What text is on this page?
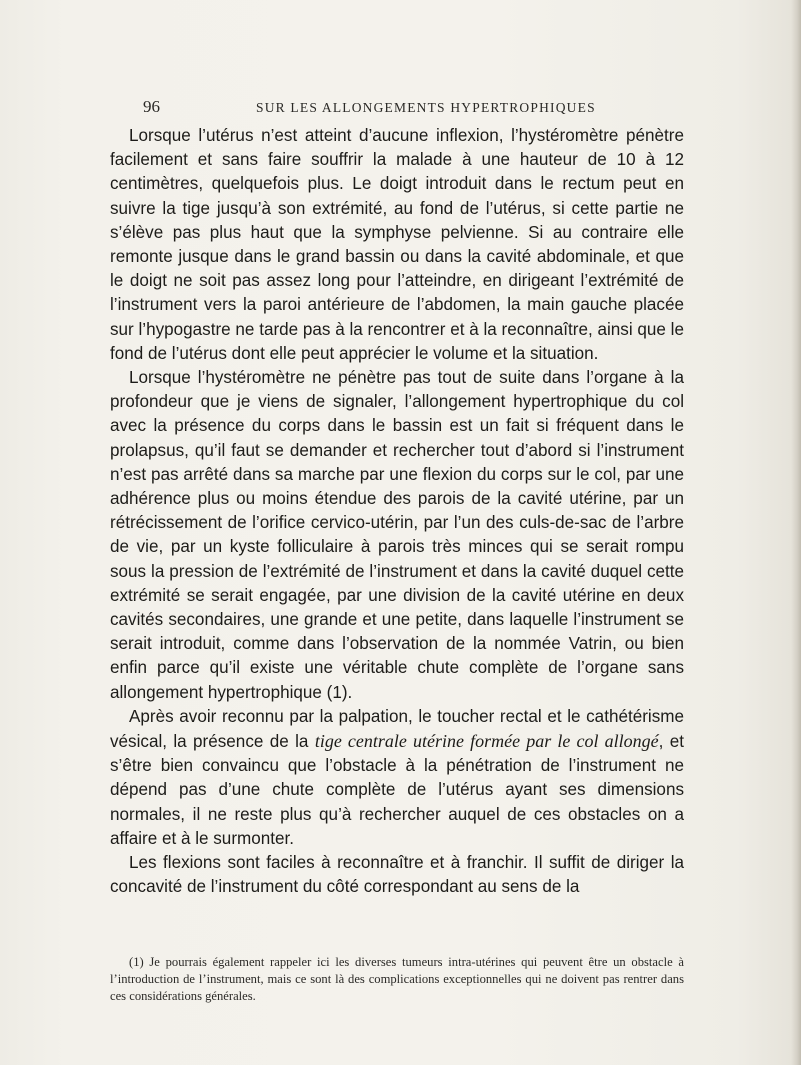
96	SUR LES ALLONGEMENTS HYPERTROPHIQUES

Lorsque l’utérus n’est atteint d’aucune inflexion, l’hystéromètre pénètre facilement et sans faire souffrir la malade à une hauteur de 10 à 12 centimètres, quelquefois plus. Le doigt introduit dans le rectum peut en suivre la tige jusqu’à son extrémité, au fond de l’utérus, si cette partie ne s’élève pas plus haut que la symphyse pelvienne. Si au contraire elle remonte jusque dans le grand bassin ou dans la cavité abdominale, et que le doigt ne soit pas assez long pour l’atteindre, en dirigeant l’extrémité de l’instrument vers la paroi antérieure de l’abdomen, la main gauche placée sur l’hypogastre ne tarde pas à la rencontrer et à la reconnaître, ainsi que le fond de l’utérus dont elle peut apprécier le volume et la situation.

Lorsque l’hystéromètre ne pénètre pas tout de suite dans l’organe à la profondeur que je viens de signaler, l’allongement hypertrophique du col avec la présence du corps dans le bassin est un fait si fréquent dans le prolapsus, qu’il faut se demander et rechercher tout d’abord si l’instrument n’est pas arrêté dans sa marche par une flexion du corps sur le col, par une adhérence plus ou moins étendue des parois de la cavité utérine, par un rétrécissement de l’orifice cervico-utérin, par l’un des culs-de-sac de l’arbre de vie, par un kyste folliculaire à parois très minces qui se serait rompu sous la pression de l’extrémité de l’instrument et dans la cavité duquel cette extrémité se serait engagée, par une division de la cavité utérine en deux cavités secondaires, une grande et une petite, dans laquelle l’instrument se serait introduit, comme dans l’observation de la nommée Vatrin, ou bien enfin parce qu’il existe une véritable chute complète de l’organe sans allongement hypertrophique (1).

Après avoir reconnu par la palpation, le toucher rectal et le cathétérisme vésical, la présence de la tige centrale utérine formée par le col allongé, et s’être bien convaincu que l’obstacle à la pénétration de l’instrument ne dépend pas d’une chute complète de l’utérus ayant ses dimensions normales, il ne reste plus qu’à rechercher auquel de ces obstacles on a affaire et à le surmonter.

Les flexions sont faciles à reconnaître et à franchir. Il suffit de diriger la concavité de l’instrument du côté correspondant au sens de la

(1) Je pourrais également rappeler ici les diverses tumeurs intra-utérines qui peuvent être un obstacle à l’introduction de l’instrument, mais ce sont là des complications exceptionnelles qui ne doivent pas rentrer dans ces considérations générales.
